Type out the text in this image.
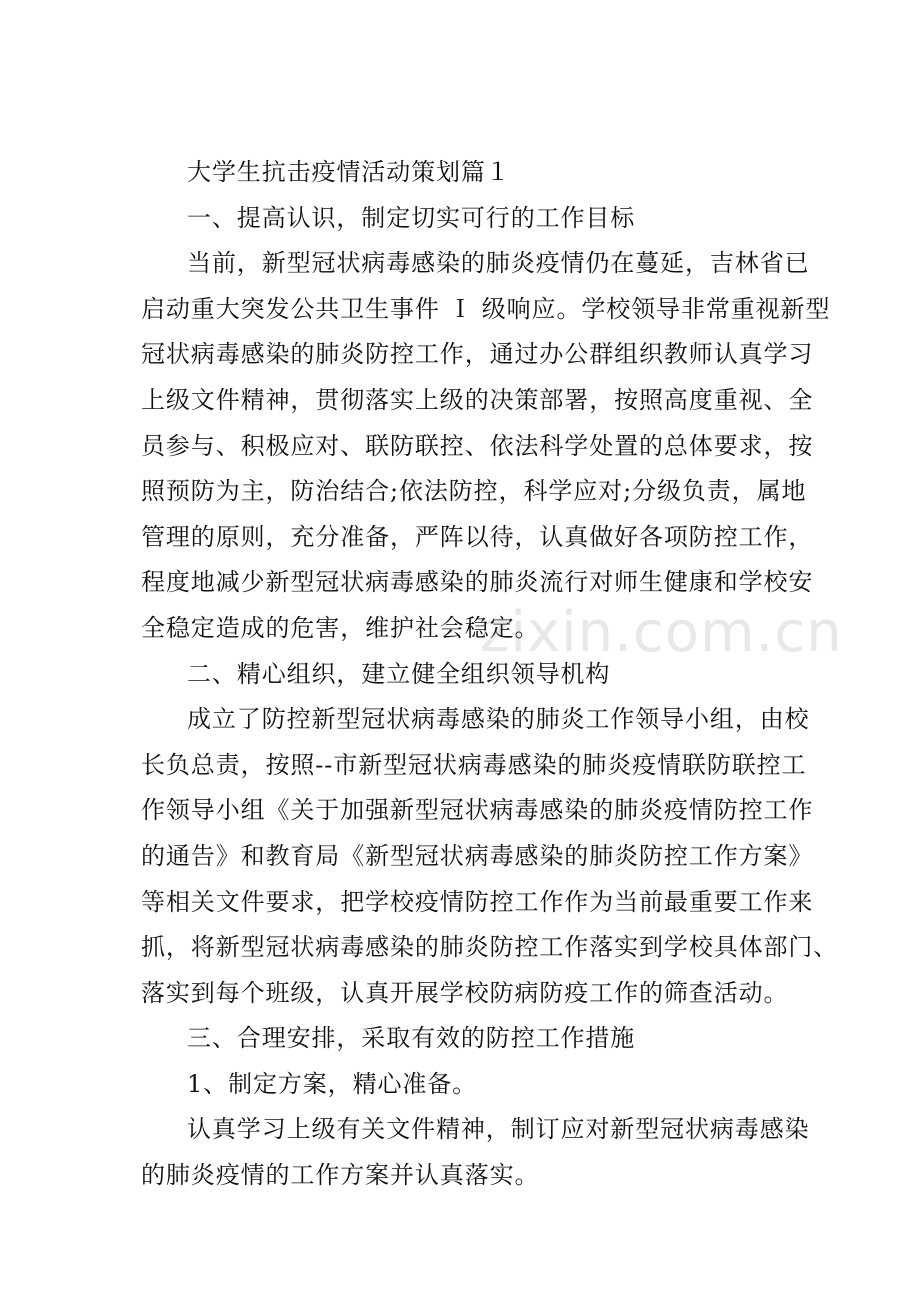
zixin.com.cn
大学生抗击疫情活动策划篇１
一、提高认识，制定切实可行的工作目标
当前，新型冠状病毒感染的肺炎疫情仍在蔓延，吉林省已
启动重大突发公共卫生事件 Ｉ 级响应。学校领导非常重视新型
冠状病毒感染的肺炎防控工作，通过办公群组织教师认真学习
上级文件精神，贯彻落实上级的决策部署，按照高度重视、全
员参与、积极应对、联防联控、依法科学处置的总体要求，按
照预防为主，防治结合;依法防控，科学应对;分级负责，属地
管理的原则，充分准备，严阵以待，认真做好各项防控工作，
程度地减少新型冠状病毒感染的肺炎流行对师生健康和学校安
全稳定造成的危害，维护社会稳定。
二、精心组织，建立健全组织领导机构
成立了防控新型冠状病毒感染的肺炎工作领导小组，由校
长负总责，按照--市新型冠状病毒感染的肺炎疫情联防联控工
作领导小组《关于加强新型冠状病毒感染的肺炎疫情防控工作
的通告》和教育局《新型冠状病毒感染的肺炎防控工作方案》
等相关文件要求，把学校疫情防控工作作为当前最重要工作来
抓，将新型冠状病毒感染的肺炎防控工作落实到学校具体部门、
落实到每个班级，认真开展学校防病防疫工作的筛查活动。
三、合理安排，采取有效的防控工作措施
1、制定方案，精心准备。
认真学习上级有关文件精神，制订应对新型冠状病毒感染
的肺炎疫情的工作方案并认真落实。
